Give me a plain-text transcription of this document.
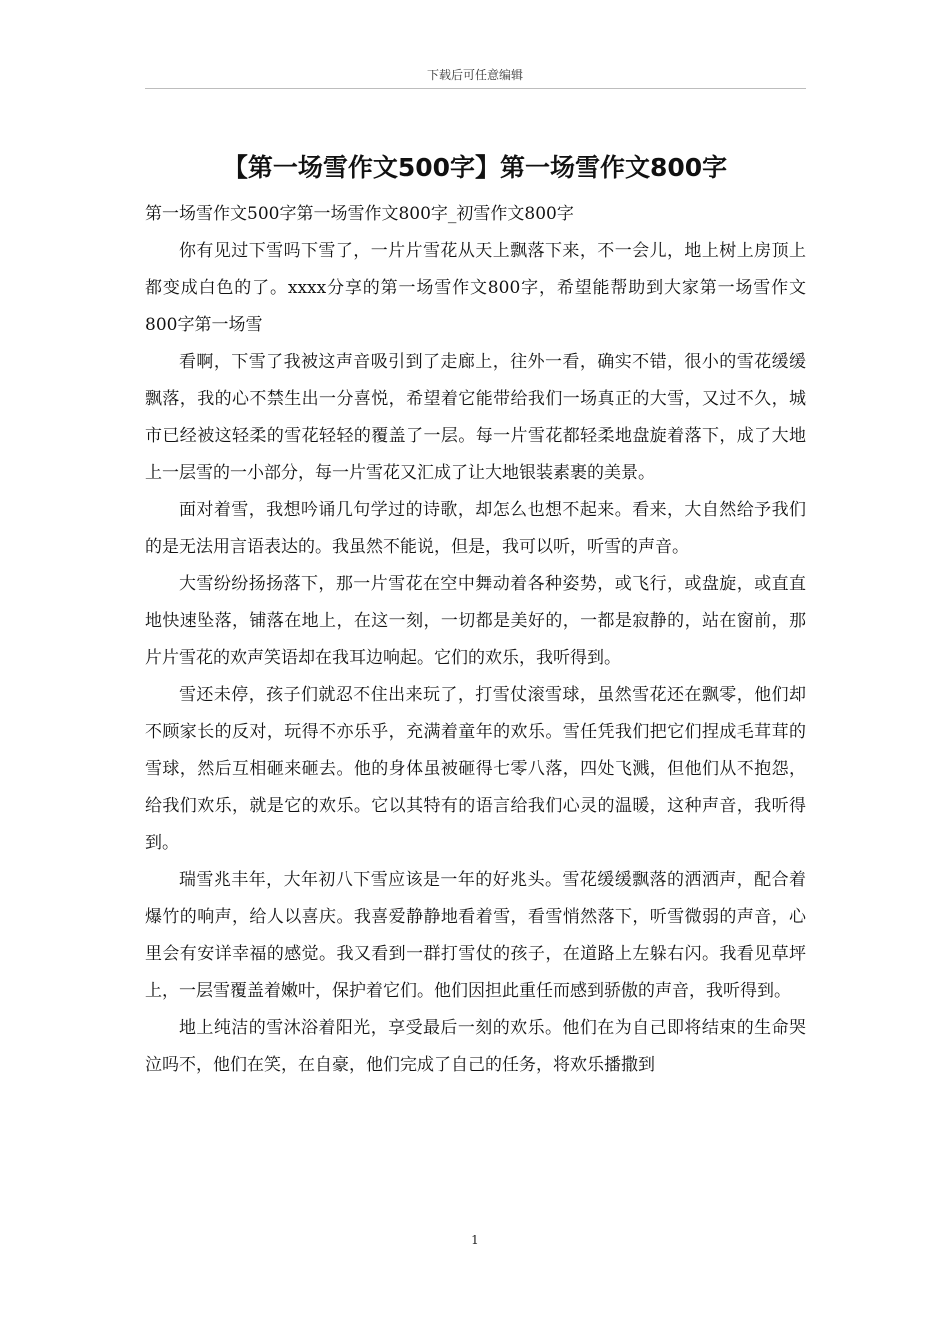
下载后可任意编辑
【第一场雪作文500字】第一场雪作文800字

第一场雪作文500字第一场雪作文800字_初雪作文800字

你有见过下雪吗下雪了，一片片雪花从天上飘落下来，不一会儿，地上树上房顶上都变成白色的了。xxxx分享的第一场雪作文800字，希望能帮助到大家第一场雪作文800字第一场雪

看啊，下雪了我被这声音吸引到了走廊上，往外一看，确实不错，很小的雪花缓缓飘落，我的心不禁生出一分喜悦，希望着它能带给我们一场真正的大雪，又过不久，城市已经被这轻柔的雪花轻轻的覆盖了一层。每一片雪花都轻柔地盘旋着落下，成了大地上一层雪的一小部分，每一片雪花又汇成了让大地银装素裹的美景。

面对着雪，我想吟诵几句学过的诗歌，却怎么也想不起来。看来，大自然给予我们的是无法用言语表达的。我虽然不能说，但是，我可以听，听雪的声音。

大雪纷纷扬扬落下，那一片雪花在空中舞动着各种姿势，或飞行，或盘旋，或直直地快速坠落，铺落在地上，在这一刻，一切都是美好的，一都是寂静的，站在窗前，那片片雪花的欢声笑语却在我耳边响起。它们的欢乐，我听得到。

雪还未停，孩子们就忍不住出来玩了，打雪仗滚雪球，虽然雪花还在飘零，他们却不顾家长的反对，玩得不亦乐乎，充满着童年的欢乐。雪任凭我们把它们捏成毛茸茸的雪球，然后互相砸来砸去。他的身体虽被砸得七零八落，四处飞溅，但他们从不抱怨，给我们欢乐，就是它的欢乐。它以其特有的语言给我们心灵的温暖，这种声音，我听得到。

瑞雪兆丰年，大年初八下雪应该是一年的好兆头。雪花缓缓飘落的洒洒声，配合着爆竹的响声，给人以喜庆。我喜爱静静地看着雪，看雪悄然落下，听雪微弱的声音，心里会有安详幸福的感觉。我又看到一群打雪仗的孩子，在道路上左躲右闪。我看见草坪上，一层雪覆盖着嫩叶，保护着它们。他们因担此重任而感到骄傲的声音，我听得到。

地上纯洁的雪沐浴着阳光，享受最后一刻的欢乐。他们在为自己即将结束的生命哭泣吗不，他们在笑，在自豪，他们完成了自己的任务，将欢乐播撒到

1
